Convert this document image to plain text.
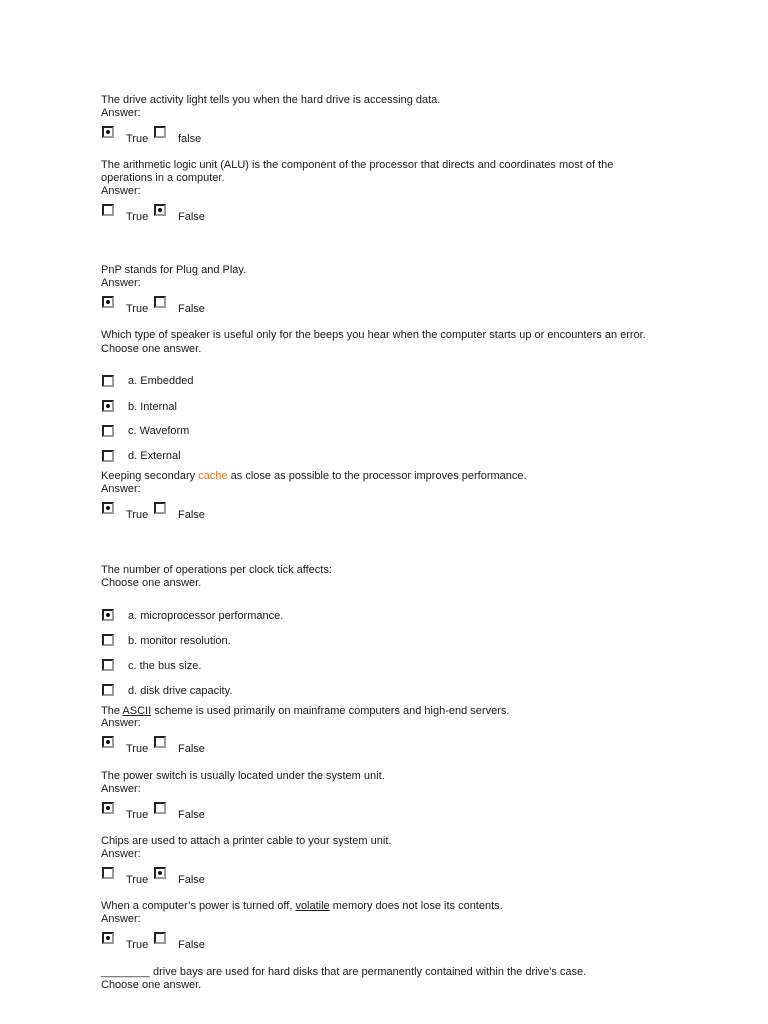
The drive activity light tells you when the hard drive is accessing data.
Answer:
True	false
The arithmetic logic unit (ALU) is the component of the processor that directs and coordinates most of the
operations in a computer.
Answer:
True	False
PnP stands for Plug and Play.
Answer:
True	False
Which type of speaker is useful only for the beeps you hear when the computer starts up or encounters an error.
Choose one answer.
a. Embedded
b. Internal
c. Waveform
d. External
Keeping secondary cache as close as possible to the processor improves performance.
Answer:
True	False
The number of operations per clock tick affects:
Choose one answer.
a. microprocessor performance.
b. monitor resolution.
c. the bus size.
d. disk drive capacity.
The ASCII scheme is used primarily on mainframe computers and high-end servers.
Answer:
True	False
The power switch is usually located under the system unit.
Answer:
True	False
Chips are used to attach a printer cable to your system unit.
Answer:
True	False
When a computer’s power is turned off, volatile memory does not lose its contents.
Answer:
True	False
________ drive bays are used for hard disks that are permanently contained within the drive's case.
Choose one answer.
